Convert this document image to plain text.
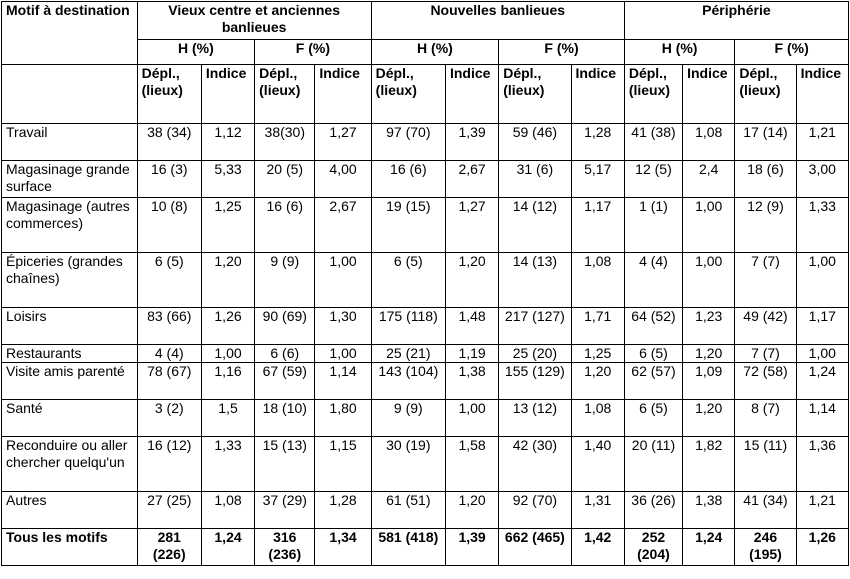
Motif à destination	Vieux centre et anciennes banlieues				Nouvelles banlieues				Périphérie			
	H (%)		F (%)		H (%)		F (%)		H (%)		F (%)	
	Dépl., (lieux)	Indice	Dépl., (lieux)	Indice	Dépl., (lieux)	Indice	Dépl., (lieux)	Indice	Dépl., (lieux)	Indice	Dépl., (lieux)	Indice
Travail	38 (34)	1,12	38(30)	1,27	97 (70)	1,39	59 (46)	1,28	41 (38)	1,08	17 (14)	1,21
Magasinage grande surface	16 (3)	5,33	20 (5)	4,00	16 (6)	2,67	31 (6)	5,17	12 (5)	2,4	18 (6)	3,00
Magasinage (autres commerces)	10 (8)	1,25	16 (6)	2,67	19 (15)	1,27	14 (12)	1,17	1 (1)	1,00	12 (9)	1,33
Épiceries (grandes chaînes)	6 (5)	1,20	9 (9)	1,00	6 (5)	1,20	14 (13)	1,08	4 (4)	1,00	7 (7)	1,00
Loisirs	83 (66)	1,26	90 (69)	1,30	175 (118)	1,48	217 (127)	1,71	64 (52)	1,23	49 (42)	1,17
Restaurants	4 (4)	1,00	6 (6)	1,00	25 (21)	1,19	25 (20)	1,25	6 (5)	1,20	7 (7)	1,00
Visite amis parenté	78 (67)	1,16	67 (59)	1,14	143 (104)	1,38	155 (129)	1,20	62 (57)	1,09	72 (58)	1,24
Santé	3 (2)	1,5	18 (10)	1,80	9 (9)	1,00	13 (12)	1,08	6 (5)	1,20	8 (7)	1,14
Reconduire ou aller chercher quelqu'un	16 (12)	1,33	15 (13)	1,15	30 (19)	1,58	42 (30)	1,40	20 (11)	1,82	15 (11)	1,36
Autres	27 (25)	1,08	37 (29)	1,28	61 (51)	1,20	92 (70)	1,31	36 (26)	1,38	41 (34)	1,21
Tous les motifs	281 (226)	1,24	316 (236)	1,34	581 (418)	1,39	662 (465)	1,42	252 (204)	1,24	246 (195)	1,26
